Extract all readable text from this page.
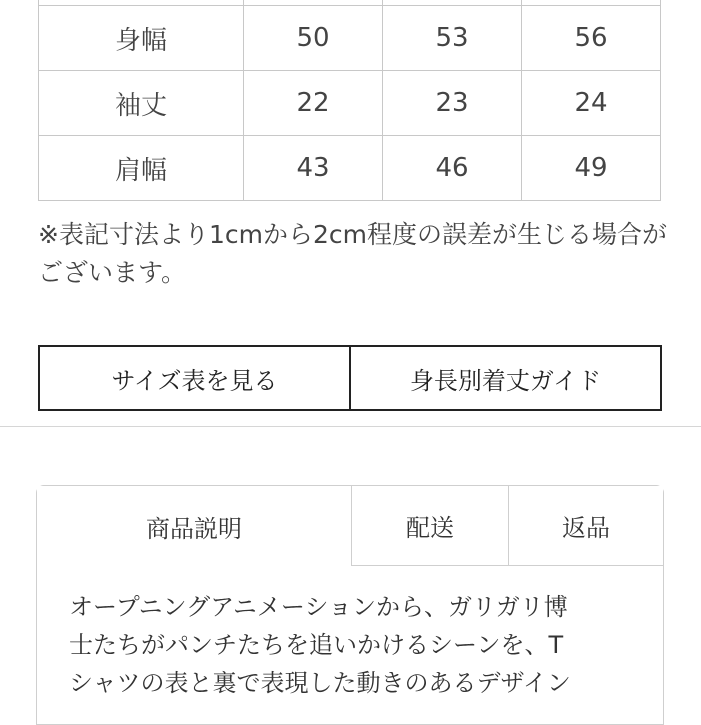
身幅	50	53	56
袖丈	22	23	24
肩幅	43	46	49
※表記寸法より1cmから2cm程度の誤差が生じる場合がございます。
サイズ表を見る	身長別着丈ガイド
商品説明	配送	返品
オープニングアニメーションから、ガリガリ博
士たちがパンチたちを追いかけるシーンを、T
シャツの表と裏で表現した動きのあるデザイン
